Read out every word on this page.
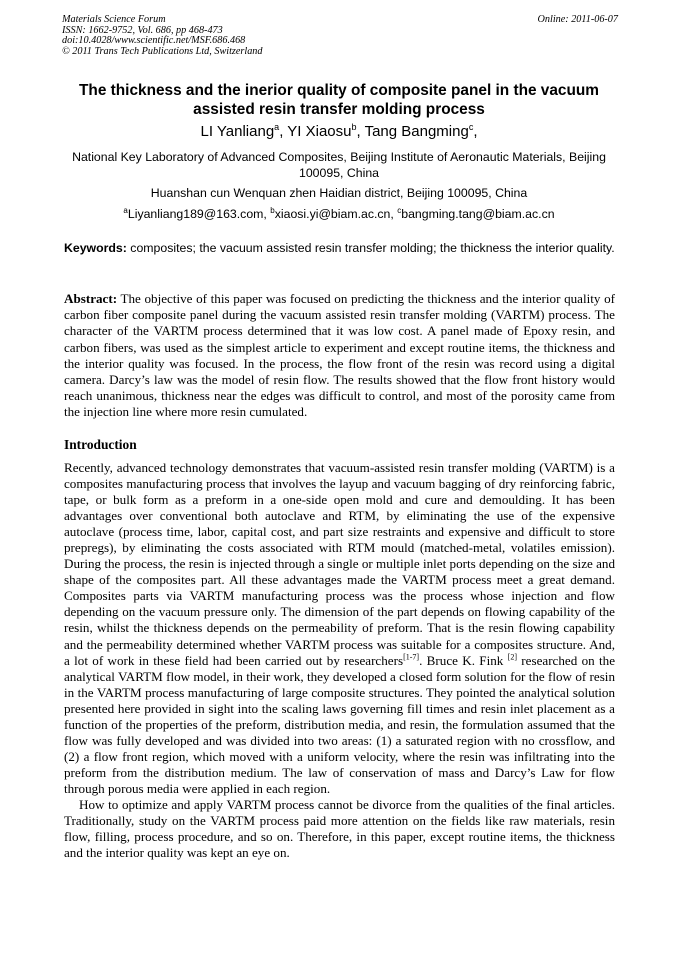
Materials Science Forum
ISSN: 1662-9752, Vol. 686, pp 468-473
doi:10.4028/www.scientific.net/MSF.686.468
© 2011 Trans Tech Publications Ltd, Switzerland
Online: 2011-06-07
The thickness and the inerior quality of composite panel in the vacuum assisted resin transfer molding process
LI Yanliang$^a$, YI Xiaosu$^b$, Tang Bangming$^c$,
National Key Laboratory of Advanced Composites, Beijing Institute of Aeronautic Materials, Beijing 100095, China
Huanshan cun Wenquan zhen Haidian district, Beijing 100095, China
$^a$Liyanliang189@163.com, $^b$xiaosi.yi@biam.ac.cn, $^c$bangming.tang@biam.ac.cn
Keywords: composites; the vacuum assisted resin transfer molding; the thickness the interior quality.
Abstract: The objective of this paper was focused on predicting the thickness and the interior quality of carbon fiber composite panel during the vacuum assisted resin transfer molding (VARTM) process. The character of the VARTM process determined that it was low cost. A panel made of Epoxy resin, and carbon fibers, was used as the simplest article to experiment and except routine items, the thickness and the interior quality was focused. In the process, the flow front of the resin was record using a digital camera. Darcy’s law was the model of resin flow. The results showed that the flow front history would reach unanimous, thickness near the edges was difficult to control, and most of the porosity came from the injection line where more resin cumulated.
Introduction

Recently, advanced technology demonstrates that vacuum-assisted resin transfer molding (VARTM) is a composites manufacturing process that involves the layup and vacuum bagging of dry reinforcing fabric, tape, or bulk form as a preform in a one-side open mold and cure and demoulding. It has been advantages over conventional both autoclave and RTM, by eliminating the use of the expensive autoclave (process time, labor, capital cost, and part size restraints and expensive and difficult to store prepregs), by eliminating the costs associated with RTM mould (matched-metal, volatiles emission). During the process, the resin is injected through a single or multiple inlet ports depending on the size and shape of the composites part. All these advantages made the VARTM process meet a great demand. Composites parts via VARTM manufacturing process was the process whose injection and flow depending on the vacuum pressure only. The dimension of the part depends on flowing capability of the resin, whilst the thickness depends on the permeability of preform. That is the resin flowing capability and the permeability determined whether VARTM process was suitable for a composites structure. And, a lot of work in these field had been carried out by researchers[1-7]. Bruce K. Fink [2] researched on the analytical VARTM flow model, in their work, they developed a closed form solution for the flow of resin in the VARTM process manufacturing of large composite structures. They pointed the analytical solution presented here provided in sight into the scaling laws governing fill times and resin inlet placement as a function of the properties of the preform, distribution media, and resin, the formulation assumed that the flow was fully developed and was divided into two areas: (1) a saturated region with no crossflow, and (2) a flow front region, which moved with a uniform velocity, where the resin was infiltrating into the preform from the distribution medium. The law of conservation of mass and Darcy’s Law for flow through porous media were applied in each region.

How to optimize and apply VARTM process cannot be divorce from the qualities of the final articles. Traditionally, study on the VARTM process paid more attention on the fields like raw materials, resin flow, filling, process procedure, and so on. Therefore, in this paper, except routine items, the thickness and the interior quality was kept an eye on.
